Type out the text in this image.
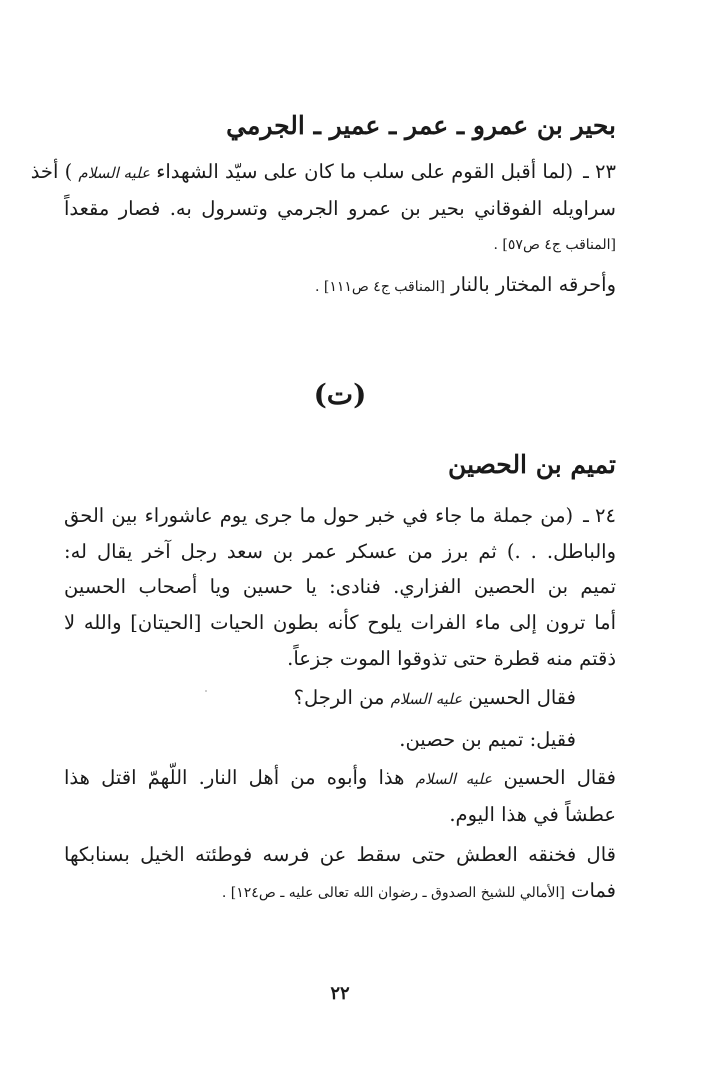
بحير بن عمرو ـ عمر ـ عمير ـ الجرمي
٢٣ ـ(لما أقبل القوم على سلب ما كان على سيّد الشهداء عليه السلام ) أخذ
سراويله الفوقاني بحير بن عمرو الجرمي وتسرول به. فصار مقعداً
[المناقب ج٤ ص٥٧] .
وأحرقه المختار بالنار [المناقب ج٤ ص١١١] .
(ت)
تميم بن الحصين
٢٤ ـ(من جملة ما جاء في خبر حول ما جرى يوم عاشوراء بين الحق
والباطل. . .) ثم برز من عسكر عمر بن سعد رجل آخر يقال له:
تميم بن الحصين الفزاري. فنادى: يا حسين ويا أصحاب الحسين
أما ترون إلى ماء الفرات يلوح كأنه بطون الحيات [الحيتان] والله لا
ذقتم منه قطرة حتى تذوقوا الموت جزعاً.
فقال الحسين عليه السلام من الرجل؟
فقيل: تميم بن حصين.
فقال الحسين عليه السلام هذا وأبوه من أهل النار. اللّهمّ اقتل هذا
عطشاً في هذا اليوم.
قال فخنقه العطش حتى سقط عن فرسه فوطئته الخيل بسنابكها
فمات [الأمالي للشيخ الصدوق ـ رضوان الله تعالى عليه ـ ص١٢٤] .
٢٢
